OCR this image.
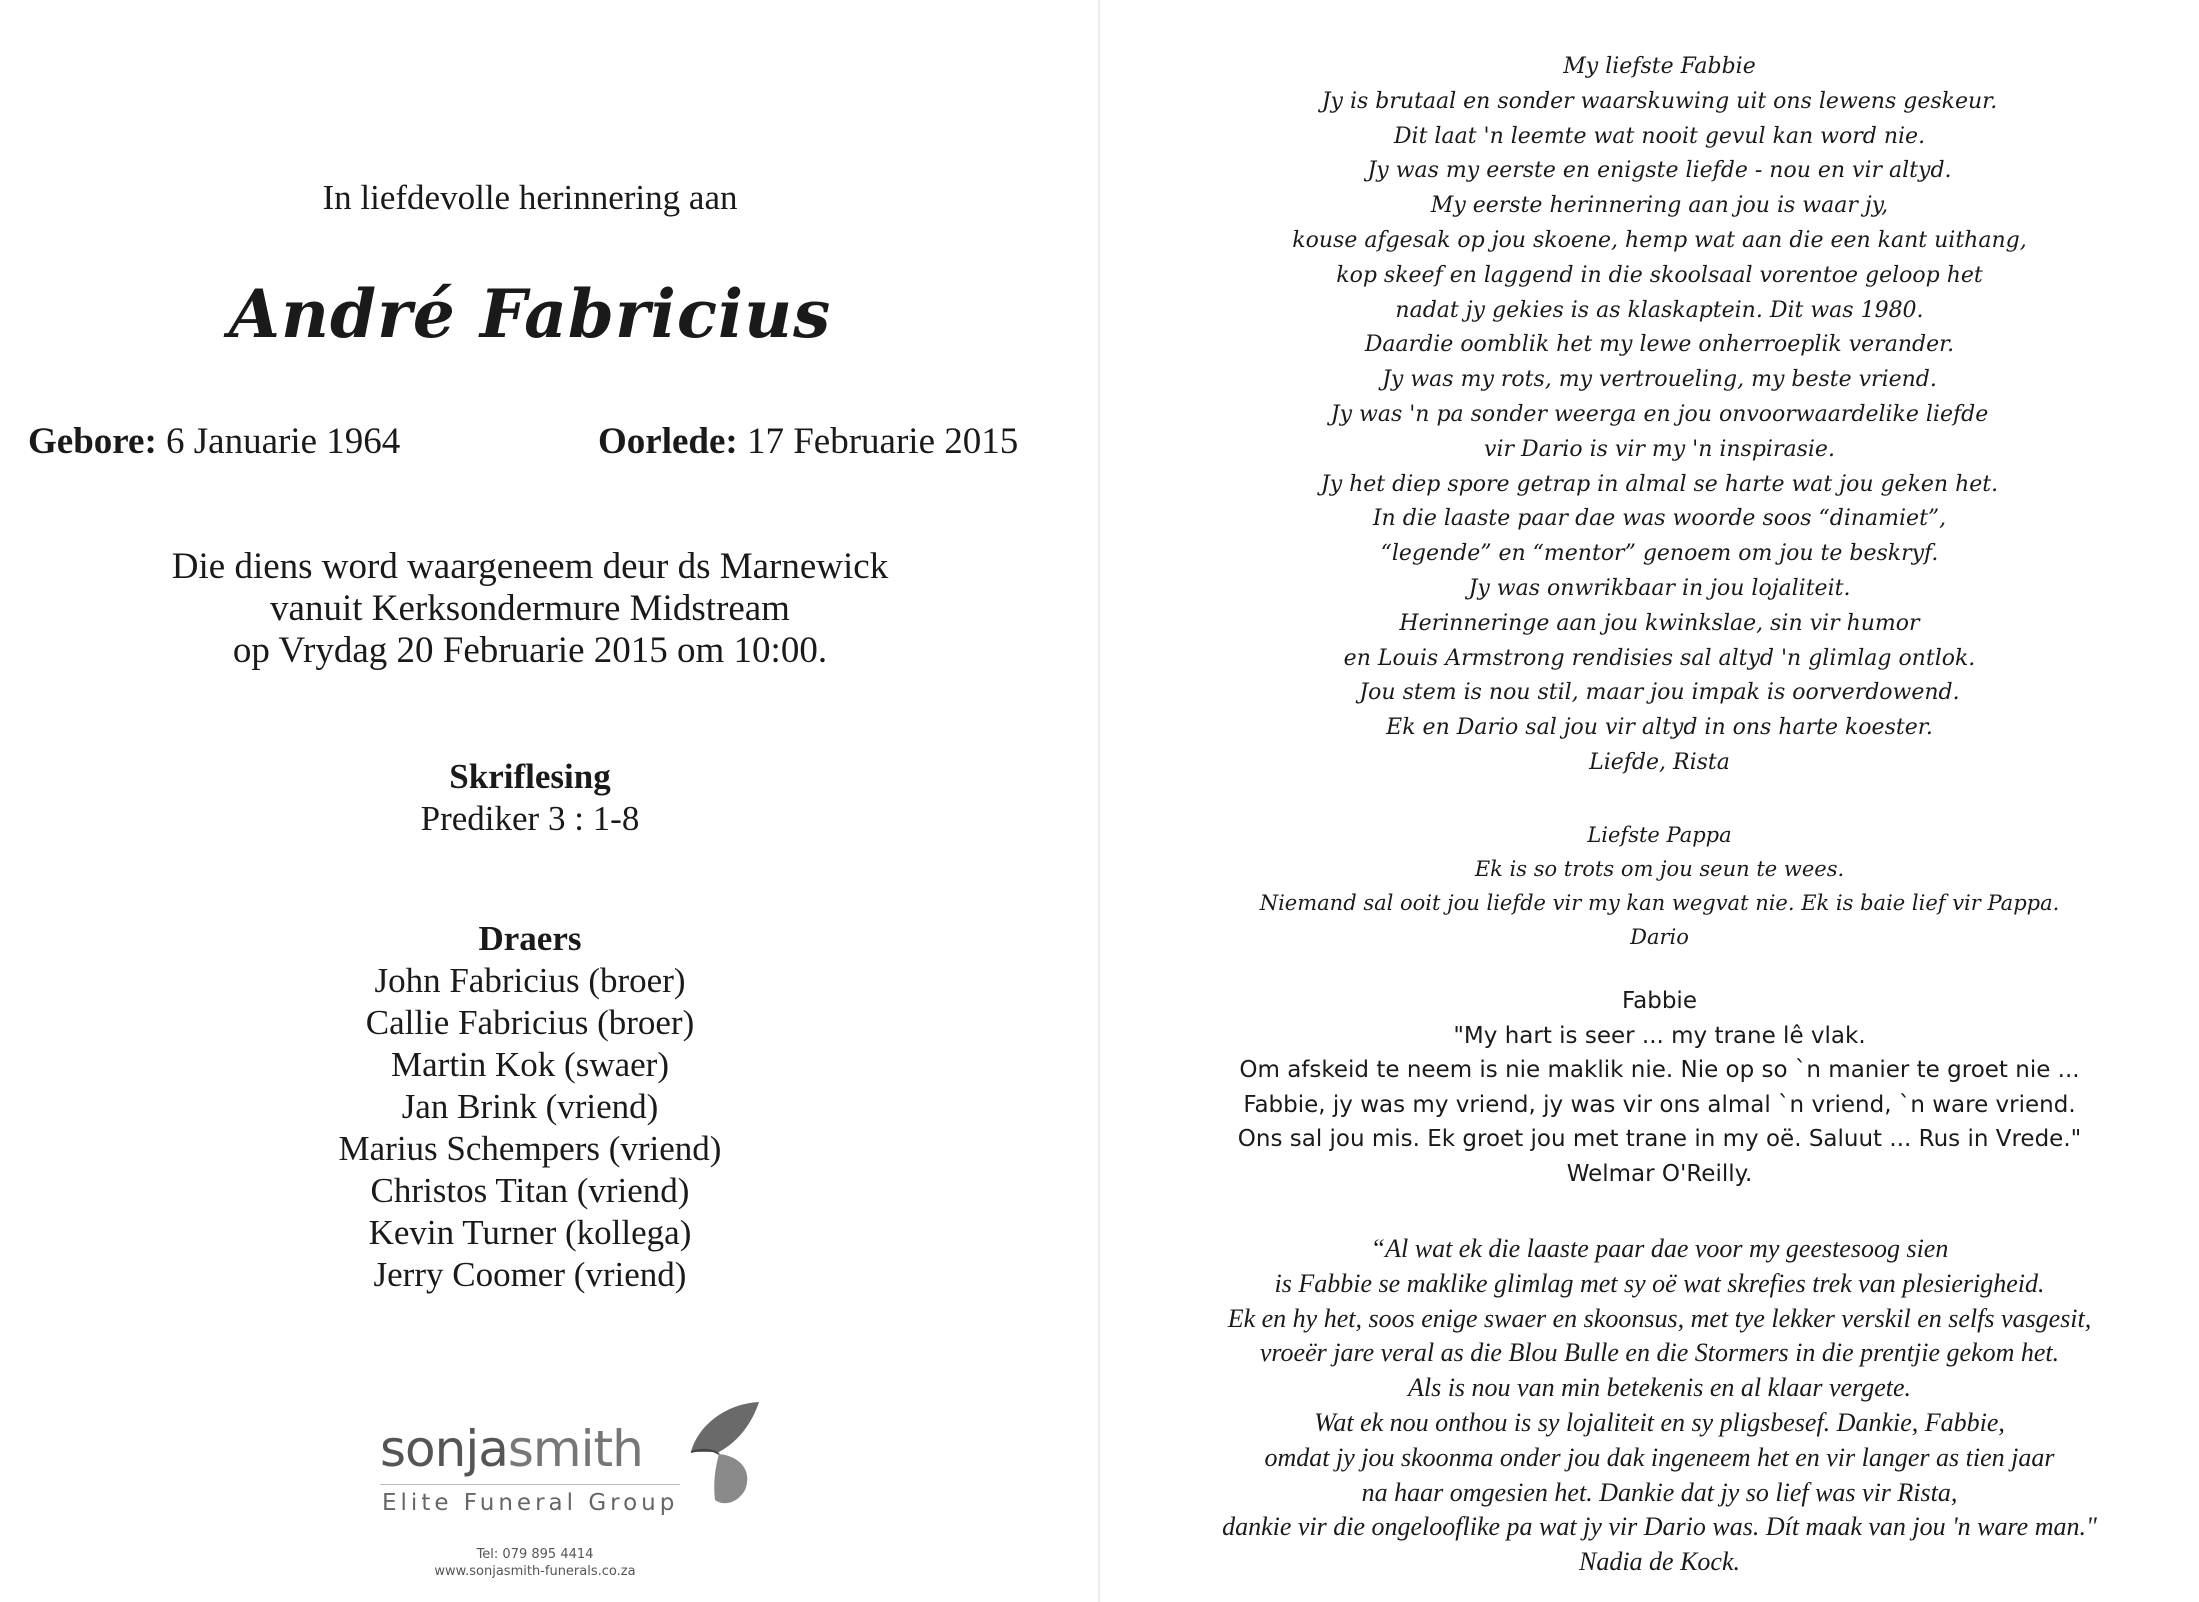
In liefdevolle herinnering aan
André Fabricius
Gebore: 6 Januarie 1964	Oorlede: 17 Februarie 2015
Die diens word waargeneem deur ds Marnewick
vanuit Kerksondermure Midstream
op Vrydag 20 Februarie 2015 om 10:00.
Skriflesing
Prediker 3 : 1-8
Draers
John Fabricius (broer)
Callie Fabricius (broer)
Martin Kok (swaer)
Jan Brink (vriend)
Marius Schempers (vriend)
Christos Titan (vriend)
Kevin Turner (kollega)
Jerry Coomer (vriend)
sonjasmith
Elite Funeral Group
Tel: 079 895 4414
www.sonjasmith-funerals.co.za
My liefste Fabbie
Jy is brutaal en sonder waarskuwing uit ons lewens geskeur.
Dit laat 'n leemte wat nooit gevul kan word nie.
Jy was my eerste en enigste liefde - nou en vir altyd.
My eerste herinnering aan jou is waar jy,
kouse afgesak op jou skoene, hemp wat aan die een kant uithang,
kop skeef en laggend in die skoolsaal vorentoe geloop het
nadat jy gekies is as klaskaptein. Dit was 1980.
Daardie oomblik het my lewe onherroeplik verander.
Jy was my rots, my vertroueling, my beste vriend.
Jy was 'n pa sonder weerga en jou onvoorwaardelike liefde
vir Dario is vir my 'n inspirasie.
Jy het diep spore getrap in almal se harte wat jou geken het.
In die laaste paar dae was woorde soos “dinamiet”,
“legende” en “mentor” genoem om jou te beskryf.
Jy was onwrikbaar in jou lojaliteit.
Herinneringe aan jou kwinkslae, sin vir humor
en Louis Armstrong rendisies sal altyd 'n glimlag ontlok.
Jou stem is nou stil, maar jou impak is oorverdowend.
Ek en Dario sal jou vir altyd in ons harte koester.
Liefde, Rista
Liefste Pappa
Ek is so trots om jou seun te wees.
Niemand sal ooit jou liefde vir my kan wegvat nie. Ek is baie lief vir Pappa.
Dario
Fabbie
"My hart is seer ... my trane lê vlak.
Om afskeid te neem is nie maklik nie. Nie op so `n manier te groet nie ...
Fabbie, jy was my vriend, jy was vir ons almal `n vriend, `n ware vriend.
Ons sal jou mis. Ek groet jou met trane in my oë. Saluut ... Rus in Vrede."
Welmar O'Reilly.
“Al wat ek die laaste paar dae voor my geestesoog sien
is Fabbie se maklike glimlag met sy oë wat skrefies trek van plesierigheid.
Ek en hy het, soos enige swaer en skoonsus, met tye lekker verskil en selfs vasgesit,
vroeër jare veral as die Blou Bulle en die Stormers in die prentjie gekom het.
Als is nou van min betekenis en al klaar vergete.
Wat ek nou onthou is sy lojaliteit en sy pligsbesef. Dankie, Fabbie,
omdat jy jou skoonma onder jou dak ingeneem het en vir langer as tien jaar
na haar omgesien het. Dankie dat jy so lief was vir Rista,
dankie vir die ongelooflike pa wat jy vir Dario was. Dít maak van jou 'n ware man."
Nadia de Kock.
